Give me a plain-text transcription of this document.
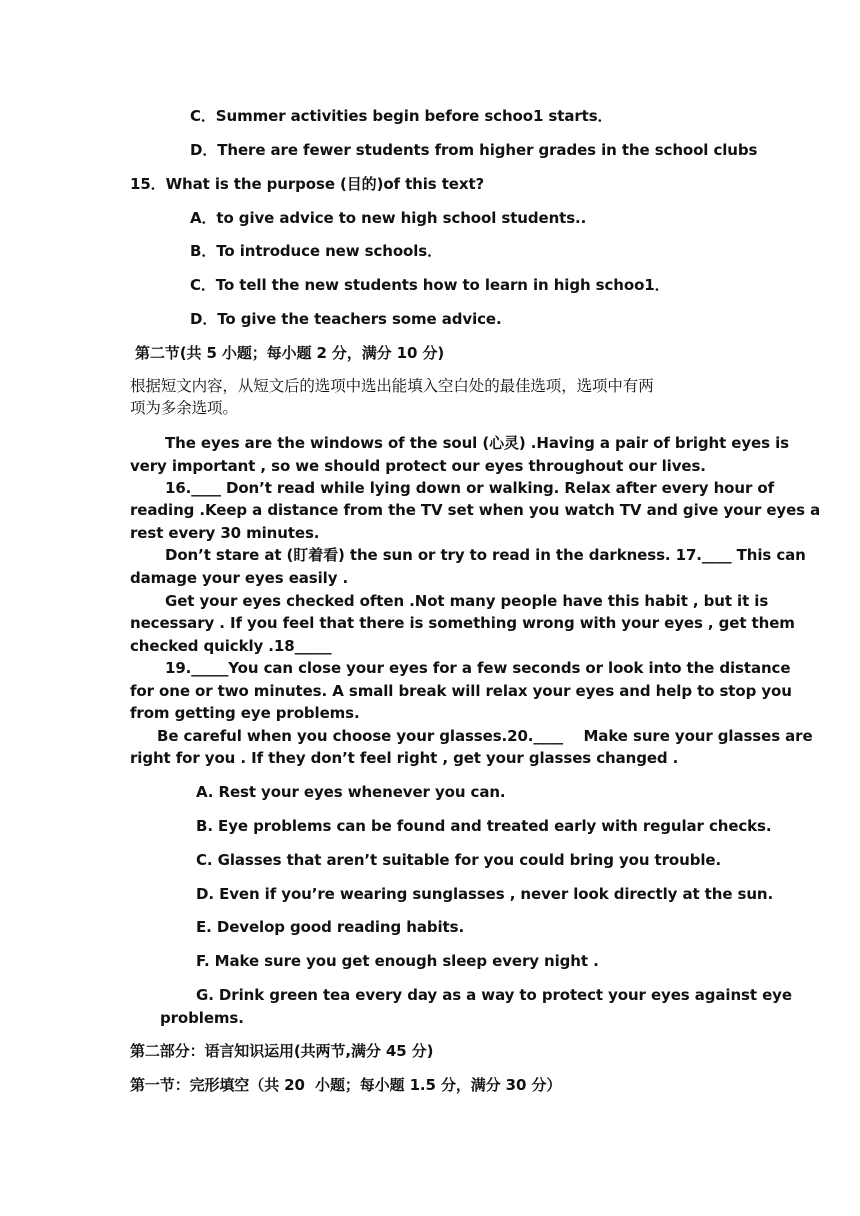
C．Summer activities begin before schoo1 starts．
D．There are fewer students from higher grades in the school clubs
15．What is the purpose (目的)of this text?
A．to give advice to new high school students..
B．To introduce new schools．
C．To tell the new students how to learn in high schoo1．
D．To give the teachers some advice.
第二节(共 5 小题；每小题 2 分，满分 10 分)
根据短文内容，从短文后的选项中选出能填入空白处的最佳选项，选项中有两
项为多余选项。
The eyes are the windows of the soul (心灵) .Having a pair of bright eyes is
very important , so we should protect our eyes throughout our lives.
16.____ Don’t read while lying down or walking. Relax after every hour of
reading .Keep a distance from the TV set when you watch TV and give your eyes a
rest every 30 minutes.
Don’t stare at (盯着看) the sun or try to read in the darkness. 17.____ This can
damage your eyes easily .
Get your eyes checked often .Not many people have this habit , but it is
necessary . If you feel that there is something wrong with your eyes , get them
checked quickly .18_____
19._____You can close your eyes for a few seconds or look into the distance
for one or two minutes. A small break will relax your eyes and help to stop you
from getting eye problems.
Be careful when you choose your glasses.20.____    Make sure your glasses are
right for you . If they don’t feel right , get your glasses changed .
A. Rest your eyes whenever you can.
B. Eye problems can be found and treated early with regular checks.
C. Glasses that aren’t suitable for you could bring you trouble.
D. Even if you’re wearing sunglasses , never look directly at the sun.
E. Develop good reading habits.
F. Make sure you get enough sleep every night .
G. Drink green tea every day as a way to protect your eyes against eye
problems.
第二部分：语言知识运用(共两节,满分 45 分)
第一节：完形填空（共 20  小题；每小题 1.5 分，满分 30 分）
